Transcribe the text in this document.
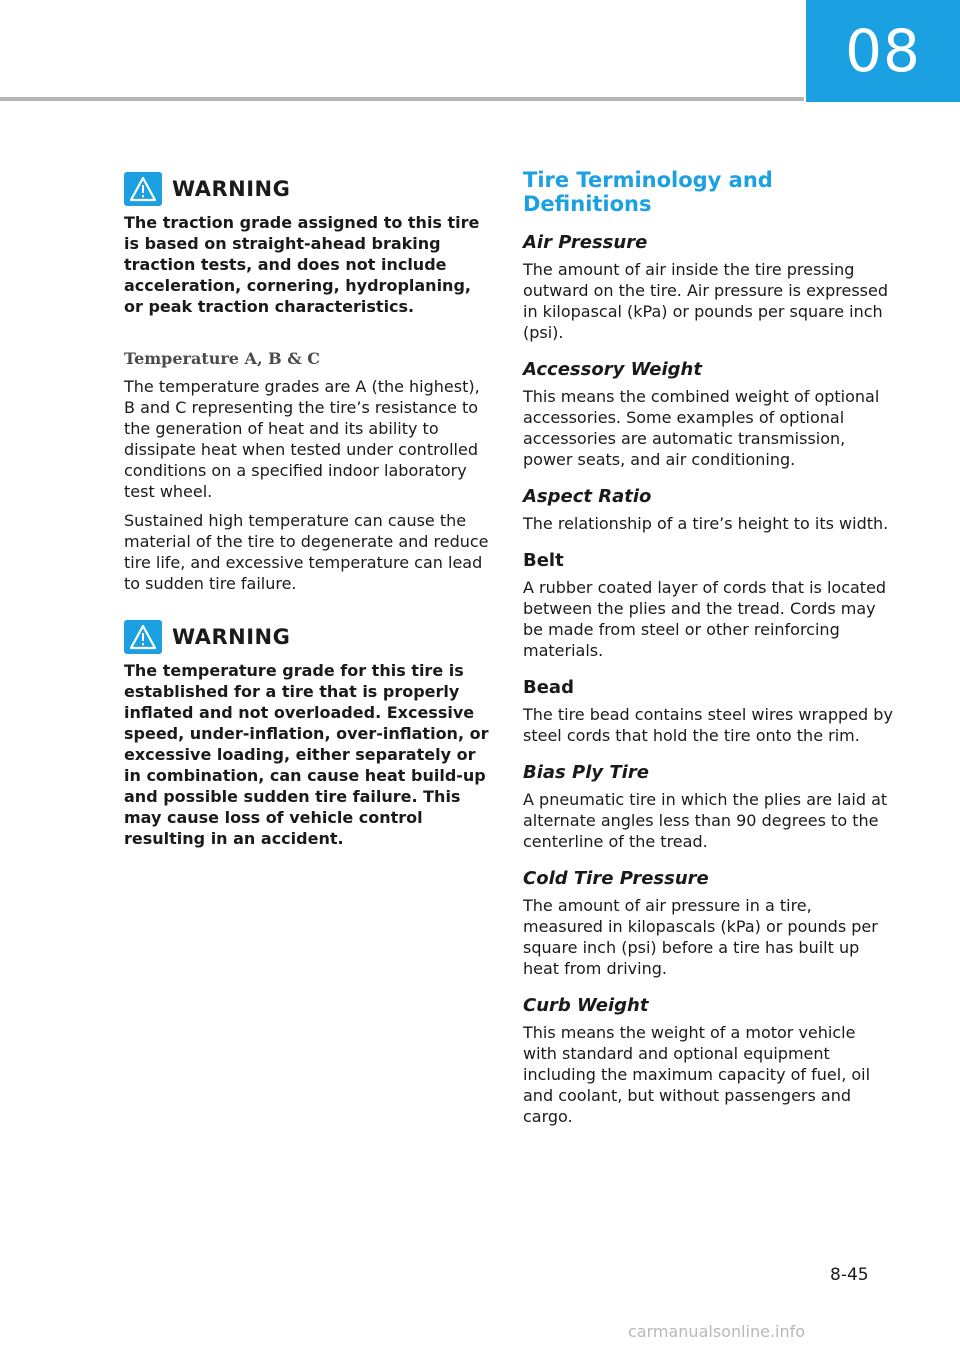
08
WARNING

The traction grade assigned to this tire is based on straight-ahead braking traction tests, and does not include acceleration, cornering, hydroplaning, or peak traction characteristics.

Temperature A, B & C

The temperature grades are A (the highest), B and C representing the tire’s resistance to the generation of heat and its ability to dissipate heat when tested under controlled conditions on a specified indoor laboratory test wheel.

Sustained high temperature can cause the material of the tire to degenerate and reduce tire life, and excessive temperature can lead to sudden tire failure.

WARNING

The temperature grade for this tire is established for a tire that is properly inflated and not overloaded. Excessive speed, under-inflation, over-inflation, or excessive loading, either separately or in combination, can cause heat build-up and possible sudden tire failure. This may cause loss of vehicle control resulting in an accident.

Tire Terminology and Definitions
Air Pressure

The amount of air inside the tire pressing outward on the tire. Air pressure is expressed in kilopascal (kPa) or pounds per square inch (psi).

Accessory Weight

This means the combined weight of optional accessories. Some examples of optional accessories are automatic transmission, power seats, and air conditioning.

Aspect Ratio

The relationship of a tire’s height to its width.

Belt

A rubber coated layer of cords that is located between the plies and the tread. Cords may be made from steel or other reinforcing materials.

Bead

The tire bead contains steel wires wrapped by steel cords that hold the tire onto the rim.

Bias Ply Tire

A pneumatic tire in which the plies are laid at alternate angles less than 90 degrees to the centerline of the tread.

Cold Tire Pressure

The amount of air pressure in a tire, measured in kilopascals (kPa) or pounds per square inch (psi) before a tire has built up heat from driving.

Curb Weight

This means the weight of a motor vehicle with standard and optional equipment including the maximum capacity of fuel, oil and coolant, but without passengers and cargo.

8-45
carmanualsonline.info
